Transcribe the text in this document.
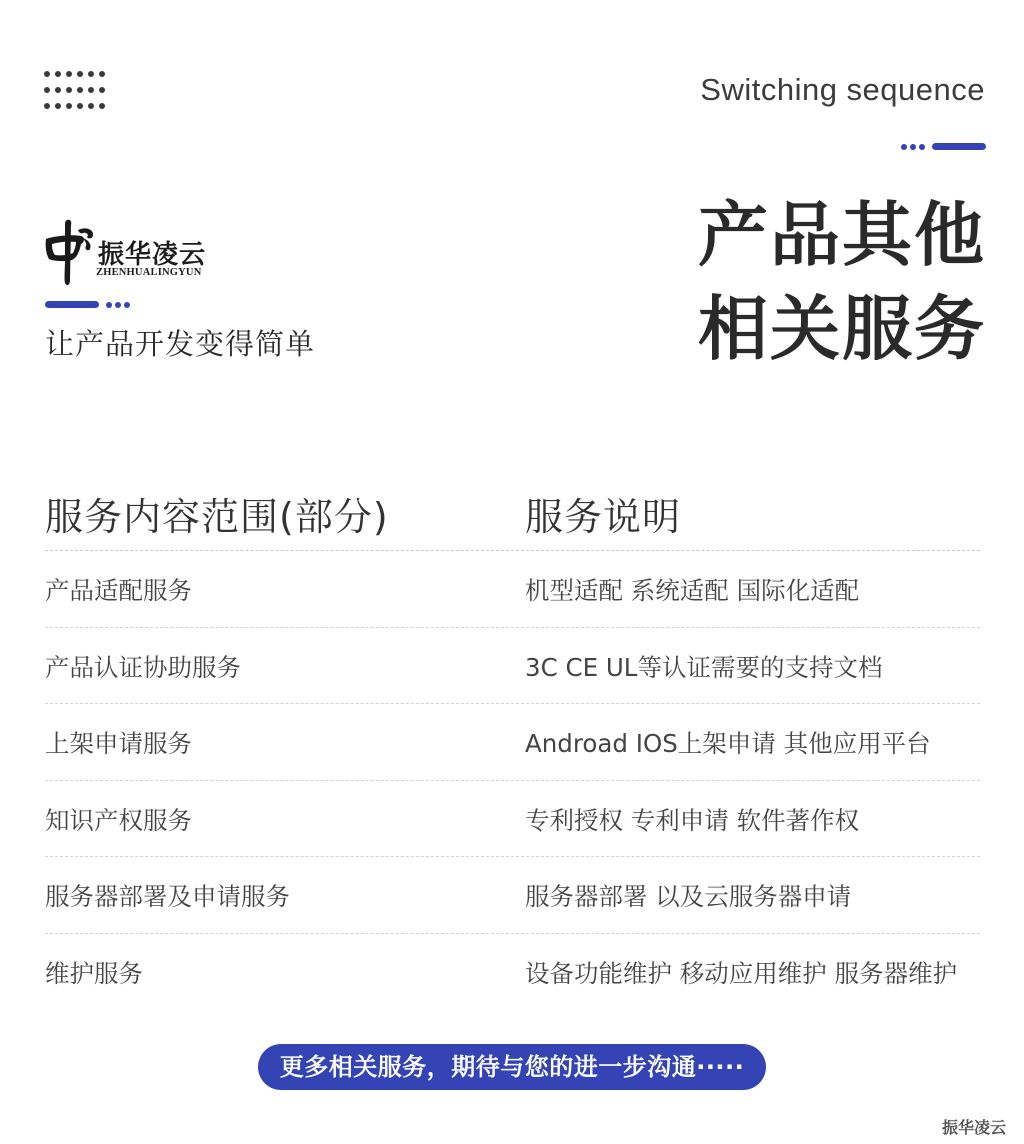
Switching sequence
产品其他
相关服务
振华凌云
ZHENHUALINGYUN
让产品开发变得简单
服务内容范围(部分)	服务说明
产品适配服务	机型适配 系统适配 国际化适配
产品认证协助服务	3C CE UL等认证需要的支持文档
上架申请服务	Androad IOS上架申请 其他应用平台
知识产权服务	专利授权 专利申请 软件著作权
服务器部署及申请服务	服务器部署 以及云服务器申请
维护服务	设备功能维护 移动应用维护 服务器维护
更多相关服务，期待与您的进一步沟通·····
振华凌云
